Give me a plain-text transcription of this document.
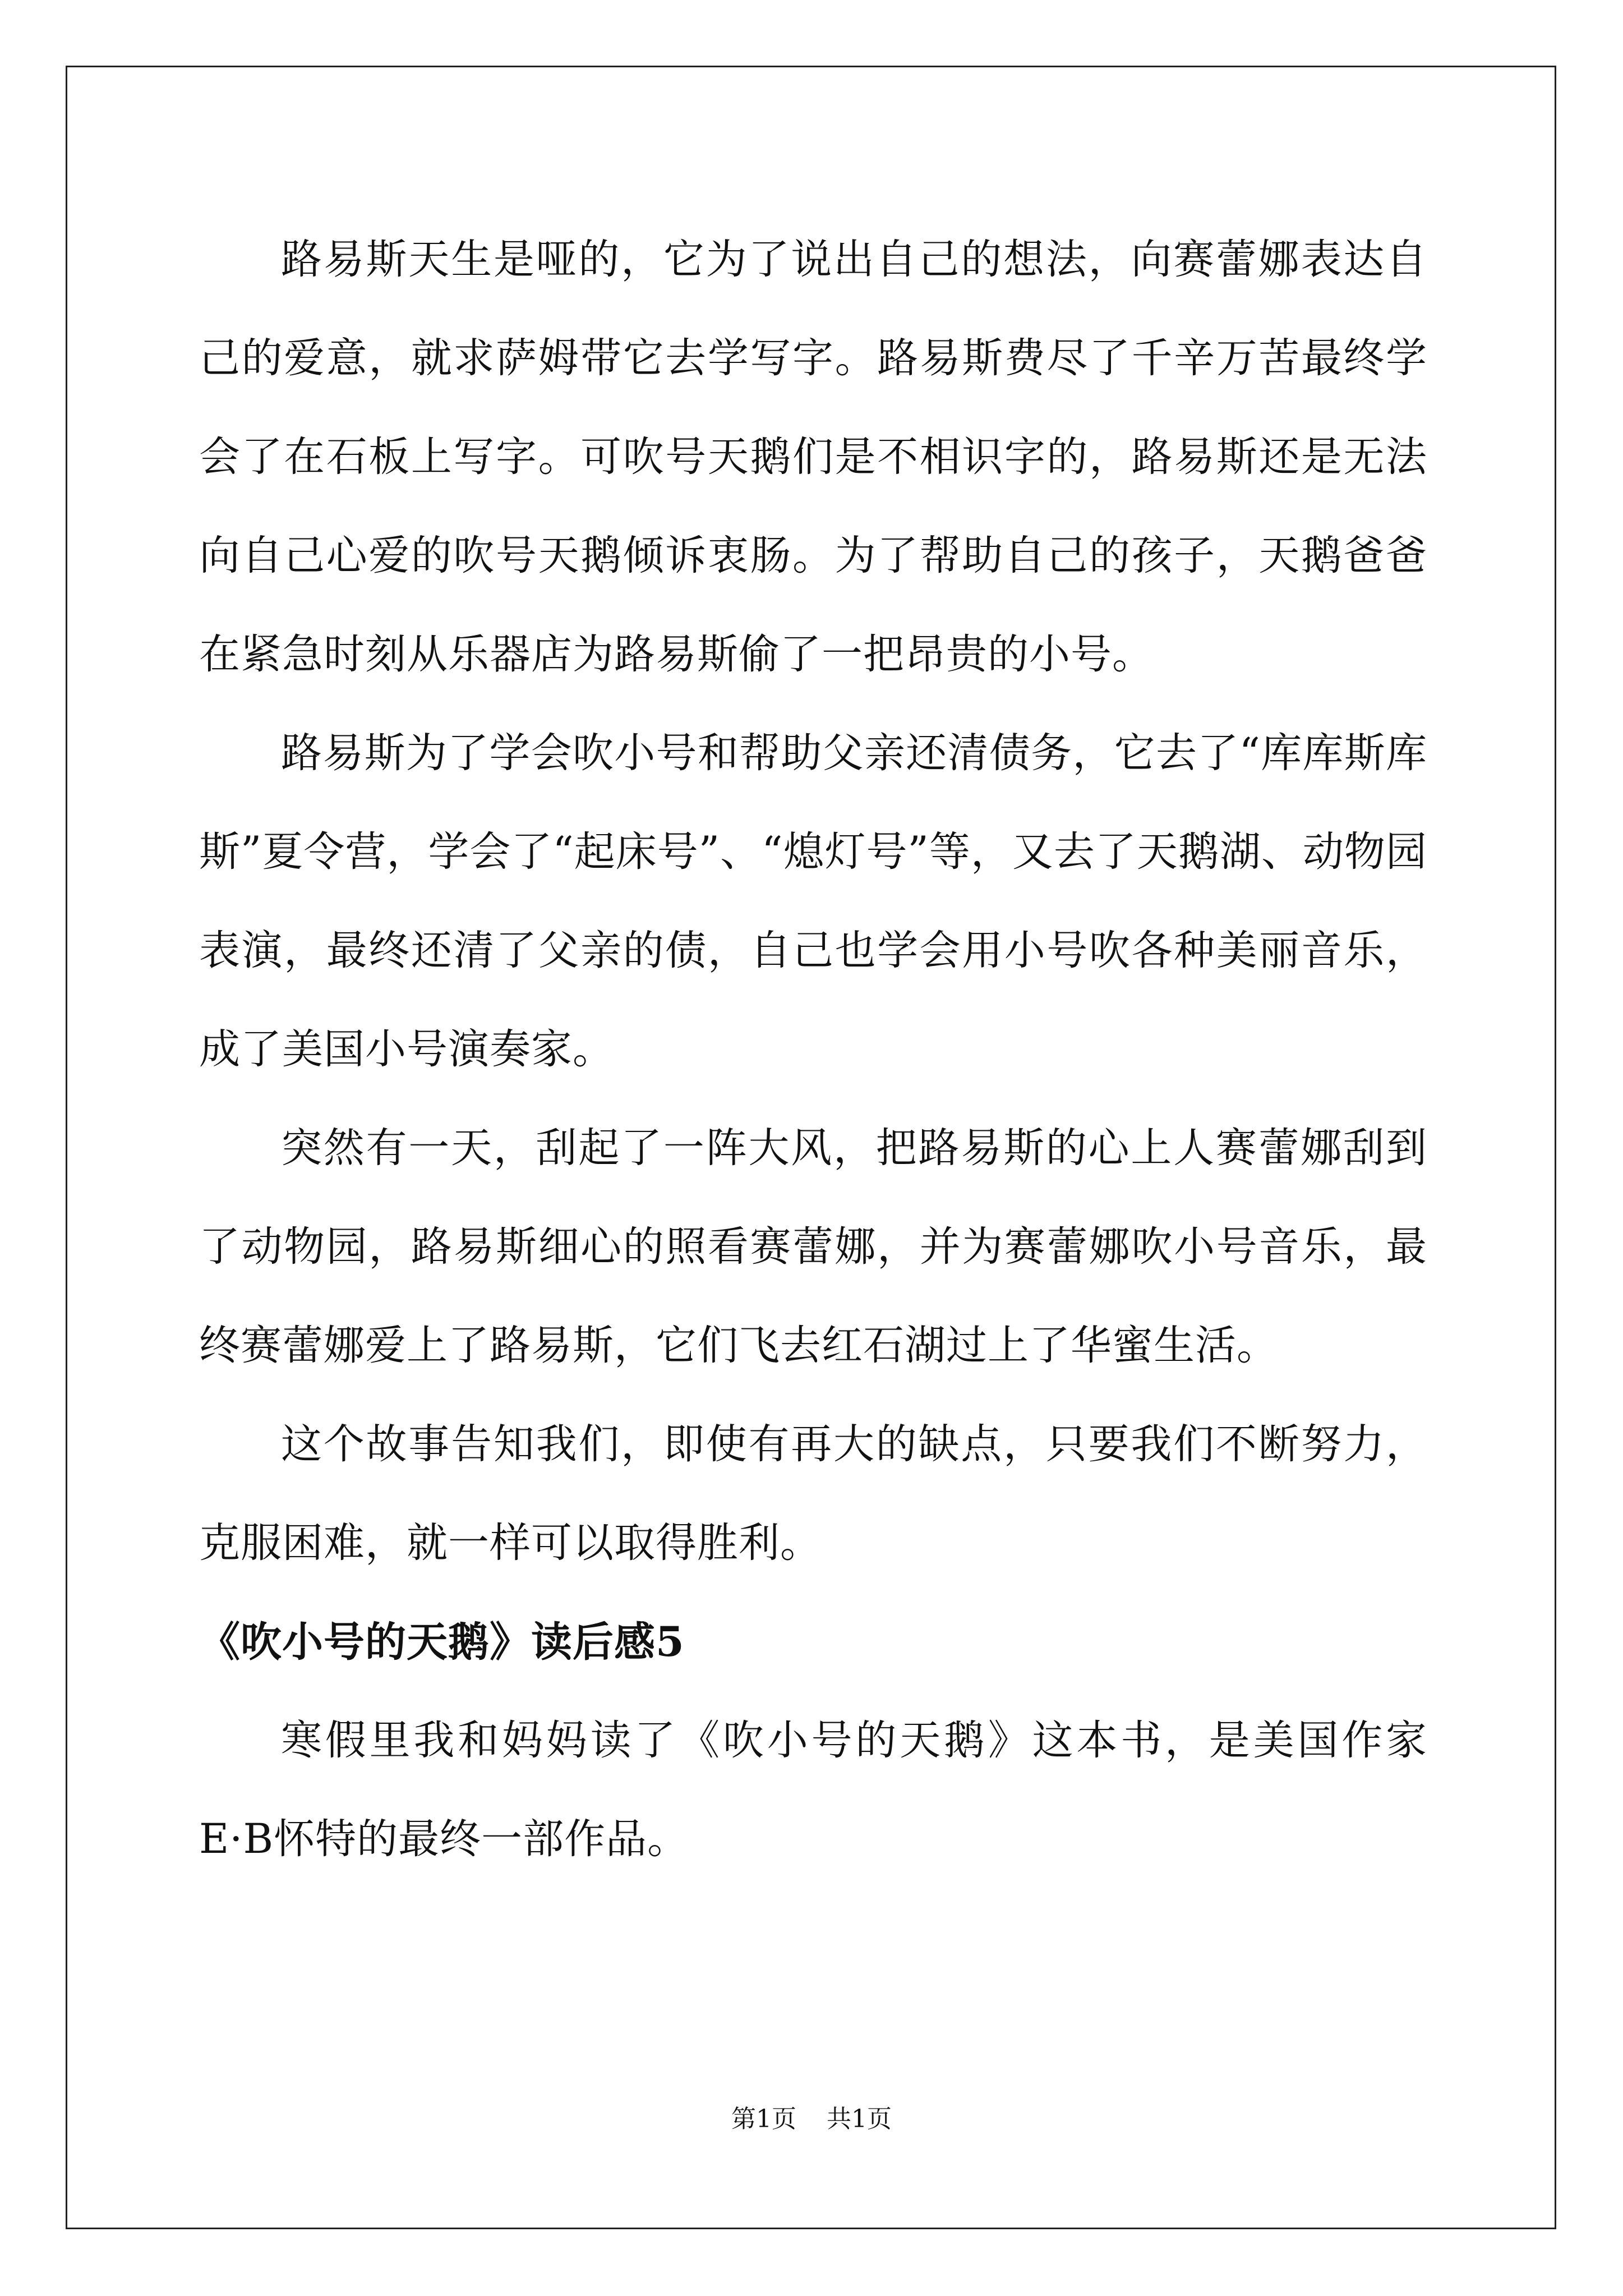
路易斯天生是哑的，它为了说出自己的想法，向赛蕾娜表达自己的爱意，就求萨姆带它去学写字。路易斯费尽了千辛万苦最终学会了在石板上写字。可吹号天鹅们是不相识字的，路易斯还是无法向自己心爱的吹号天鹅倾诉衷肠。为了帮助自己的孩子，天鹅爸爸在紧急时刻从乐器店为路易斯偷了一把昂贵的小号。

路易斯为了学会吹小号和帮助父亲还清债务，它去了“库库斯库斯”夏令营，学会了“起床号”、“熄灯号”等，又去了天鹅湖、动物园表演，最终还清了父亲的债，自己也学会用小号吹各种美丽音乐，成了美国小号演奏家。

突然有一天，刮起了一阵大风，把路易斯的心上人赛蕾娜刮到了动物园，路易斯细心的照看赛蕾娜，并为赛蕾娜吹小号音乐，最终赛蕾娜爱上了路易斯，它们飞去红石湖过上了华蜜生活。

这个故事告知我们，即使有再大的缺点，只要我们不断努力，克服困难，就一样可以取得胜利。

《吹小号的天鹅》读后感5

寒假里我和妈妈读了《吹小号的天鹅》这本书，是美国作家 E·B怀特的最终一部作品。

第1页 共1页
